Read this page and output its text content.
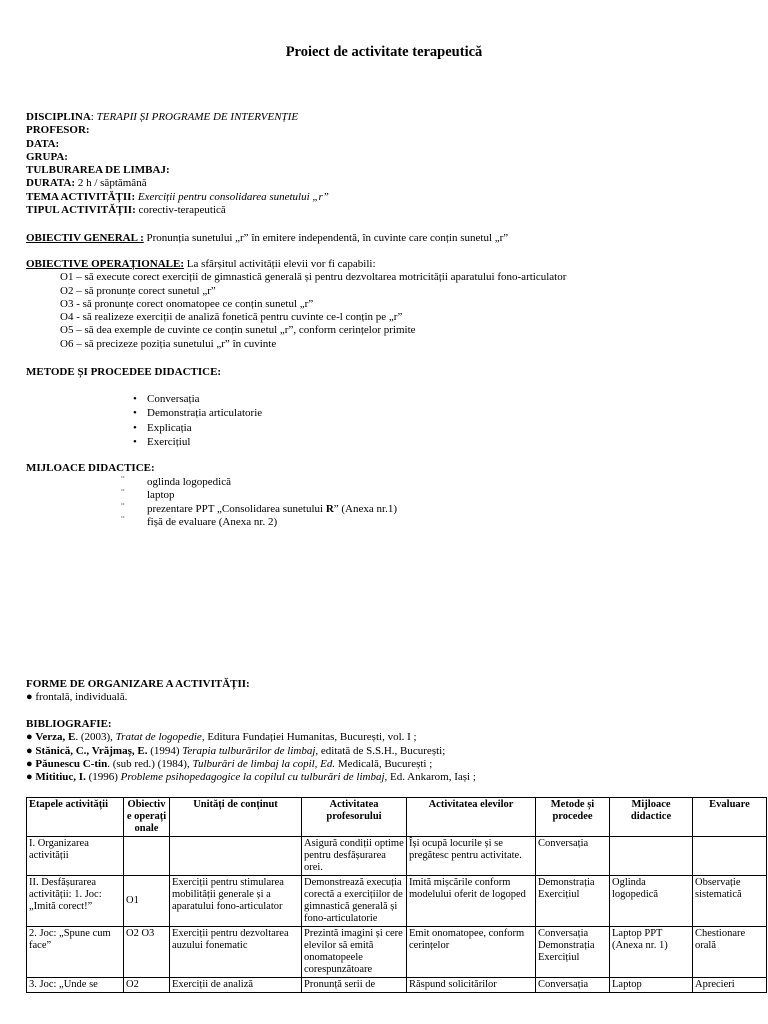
Proiect de activitate terapeutică
DISCIPLINA: TERAPII ȘI PROGRAME DE INTERVENȚIE
PROFESOR:
DATA:
GRUPA:
TULBURAREA DE LIMBAJ:
DURATA: 2 h / săptămână
TEMA ACTIVITĂȚII: Exerciții pentru consolidarea sunetului „r”
TIPUL ACTIVITĂȚII: corectiv-terapeutică
OBIECTIV GENERAL : Pronunția sunetului „r” în emitere independentă, în cuvinte care conțin sunetul „r”
OBIECTIVE OPERAȚIONALE: La sfârșitul activității elevii vor fi capabili:
O1 – să execute corect exerciții de gimnastică generală și pentru dezvoltarea motricității aparatului fono-articulator
O2 – să pronunțe corect sunetul „r”
O3 - să pronunțe corect onomatopee ce conțin sunetul „r”
O4 - să realizeze exerciții de analiză fonetică pentru cuvinte ce-l conțin pe „r”
O5 – să dea exemple de cuvinte ce conțin sunetul „r”, conform cerințelor primite
O6 – să precizeze poziția sunetului „r” în cuvinte
METODE ȘI PROCEDEE DIDACTICE:
• Conversația
• Demonstrația articulatorie
• Explicația
• Exercițiul
MIJLOACE DIDACTICE:
¨ oglinda logopedică
¨ laptop
¨ prezentare PPT „Consolidarea sunetului R” (Anexa nr.1)
¨ fișă de evaluare (Anexa nr. 2)
FORME DE ORGANIZARE A ACTIVITĂȚII:
● frontală, individuală.
BIBLIOGRAFIE:
● Verza, E. (2003), Tratat de logopedie, Editura Fundației Humanitas, București, vol. I ;
● Stănică, C., Vrăjmaș, E. (1994) Terapia tulburărilor de limbaj, editată de S.S.H., București;
● Păunescu C-tin. (sub red.) (1984), Tulburări de limbaj la copil, Ed. Medicală, București ;
● Mititiuc, I. (1996) Probleme psihopedagogice la copilul cu tulburări de limbaj, Ed. Ankarom, Iași ;
Etapele activității	Obiectiv e operați onale	Unități de conținut	Activitatea profesorului	Activitatea elevilor	Metode și procedee	Mijloace didactice	Evaluare
I. Organizarea activității			Asigură condiții optime pentru desfășurarea orei.	Își ocupă locurile și se pregătesc pentru activitate.	Conversația		
II. Desfășurarea activității: 1. Joc: „Imită corect!”	O1	Exerciții pentru stimularea mobilității generale și a aparatului fono-articulator	Demonstrează execuția corectă a exercițiilor de gimnastică generală și fono-articulatorie	Imită mișcările conform modelului oferit de logoped	Demonstrația Exercițiul	Oglinda logopedică	Observație sistematică
2. Joc: „Spune cum face”	O2 O3	Exerciții pentru dezvoltarea auzului fonematic	Prezintă imagini și cere elevilor să emită onomatopeele corespunzătoare	Emit onomatopee, conform cerințelor	Conversația Demonstrația Exercițiul	Laptop PPT (Anexa nr. 1)	Chestionare orală
3. Joc: „Unde se	O2	Exerciții de analiză	Pronunță serii de	Răspund solicitărilor	Conversația	Laptop	Aprecieri
